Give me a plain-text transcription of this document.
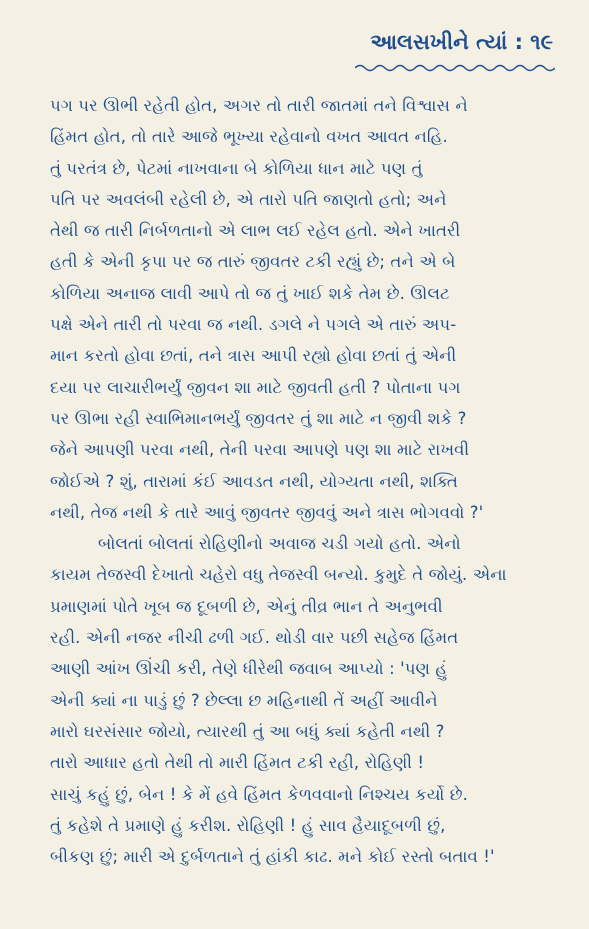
આલસખીને ત્યાં : ૧૯
પગ પર ઊભી રહેતી હોત, અગર તો તારી જાતમાં તને વિશ્વાસ ને
હિંમત હોત, તો તારે આજે ભૂખ્યા રહેવાનો વખત આવત નહિ.
તું પરતંત્ર છે, પેટમાં નાખવાના બે કોળિયા ધાન માટે પણ તું
પતિ પર અવલંબી રહેલી છે, એ તારો પતિ જાણતો હતો; અને
તેથી જ તારી નિર્બળતાનો એ લાભ લઈ રહેલ હતો. એને ખાતરી
હતી કે એની કૃપા પર જ તારું જીવતર ટકી રહ્યું છે; તને એ બે
કોળિયા અનાજ લાવી આપે તો જ તું ખાઈ શકે તેમ છે. ઊલટ
પક્ષે એને તારી તો પરવા જ નથી. ડગલે ને પગલે એ તારું અપ-
માન કરતો હોવા છતાં, તને ત્રાસ આપી રહ્યો હોવા છતાં તું એની
દયા પર લાચારીભર્યું જીવન શા માટે જીવતી હતી ? પોતાના પગ
પર ઊભા રહી સ્વાભિમાનભર્યું જીવતર તું શા માટે ન જીવી શકે ?
જેને આપણી પરવા નથી, તેની પરવા આપણે પણ શા માટે રાખવી
જોઈએ ? શું, તારામાં કંઈ આવડત નથી, યોગ્યતા નથી, શક્તિ
નથી, તેજ નથી કે તારે આવું જીવતર જીવવું અને ત્રાસ ભોગવવો ?'
બોલતાં બોલતાં રોહિણીનો અવાજ ચડી ગયો હતો. એનો
કાયમ તેજસ્વી દેખાતો ચહેરો વધુ તેજસ્વી બન્યો. કુમુદે તે જોયું. એના
પ્રમાણમાં પોતે ખૂબ જ દૂબળી છે, એનું તીવ્ર ભાન તે અનુભવી
રહી. એની નજર નીચી ઢળી ગઈ. થોડી વાર પછી સહેજ હિંમત
આણી આંખ ઊંચી કરી, તેણે ધીરેથી જવાબ આપ્યો : 'પણ હું
એની ક્યાં ના પાડું છું ? છેલ્લા છ મહિનાથી તેં અહીં આવીને
મારો ઘરસંસાર જોયો, ત્યારથી તું આ બધું ક્યાં કહેતી નથી ?
તારો આધાર હતો તેથી તો મારી હિંમત ટકી રહી, રોહિણી !
સાચું કહું છું, બેન ! કે મેં હવે હિંમત કેળવવાનો નિશ્ચય કર્યો છે.
તું કહેશે તે પ્રમાણે હું કરીશ. રોહિણી ! હું સાવ હૈયાદૂબળી છું,
બીકણ છું; મારી એ દુર્બળતાને તું હાંકી કાઢ. મને કોઈ રસ્તો બતાવ !'
